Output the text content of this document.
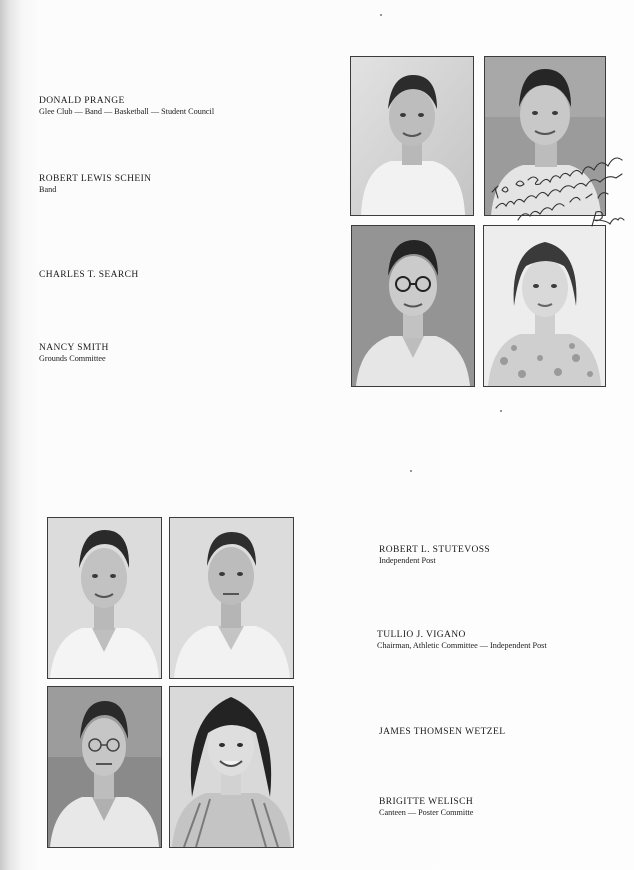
DONALD PRANGE
Glee Club — Band — Basketball — Student Council
ROBERT LEWIS SCHEIN
Band
CHARLES T. SEARCH
NANCY SMITH
Grounds Committee
ROBERT L. STUTEVOSS
Independent Post
TULLIO J. VIGANO
Chairman, Athletic Committee — Independent Post
JAMES THOMSEN WETZEL
BRIGITTE WELISCH
Canteen — Poster Committe
